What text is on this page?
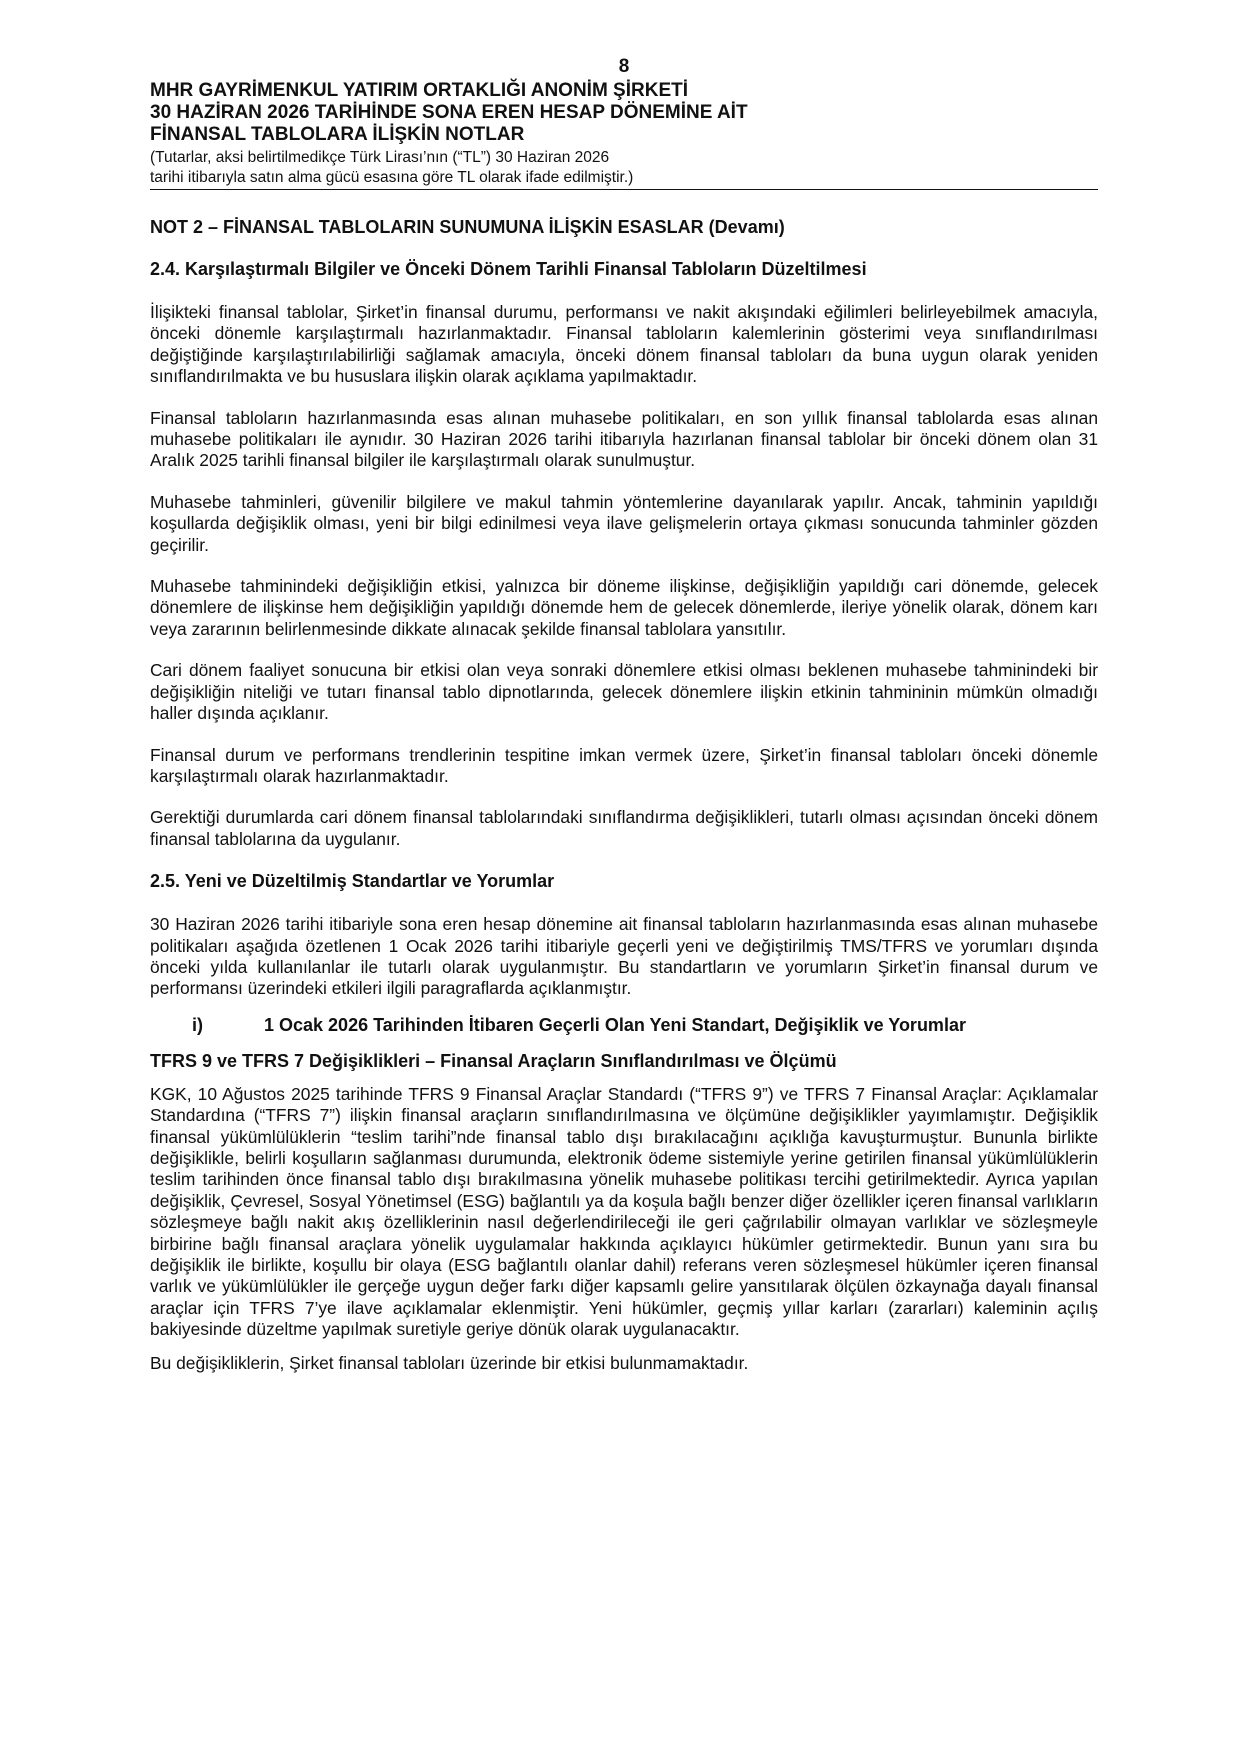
8
MHR GAYRİMENKUL YATIRIM ORTAKLIĞI ANONİM ŞİRKETİ
30 HAZİRAN 2026 TARİHİNDE SONA EREN HESAP DÖNEMİNE AİT
FİNANSAL TABLOLARA İLİŞKİN NOTLAR
(Tutarlar, aksi belirtilmedikçe Türk Lirası’nın (“TL”) 30 Haziran 2026
tarihi itibarıyla satın alma gücü esasına göre TL olarak ifade edilmiştir.)
NOT 2 – FİNANSAL TABLOLARIN SUNUMUNA İLİŞKİN ESASLAR (Devamı)
2.4. Karşılaştırmalı Bilgiler ve Önceki Dönem Tarihli Finansal Tabloların Düzeltilmesi

İlişikteki finansal tablolar, Şirket’in finansal durumu, performansı ve nakit akışındaki eğilimleri belirleyebilmek amacıyla, önceki dönemle karşılaştırmalı hazırlanmaktadır. Finansal tabloların kalemlerinin gösterimi veya sınıflandırılması değiştiğinde karşılaştırılabilirliği sağlamak amacıyla, önceki dönem finansal tabloları da buna uygun olarak yeniden sınıflandırılmakta ve bu hususlara ilişkin olarak açıklama yapılmaktadır.

Finansal tabloların hazırlanmasında esas alınan muhasebe politikaları, en son yıllık finansal tablolarda esas alınan muhasebe politikaları ile aynıdır. 30 Haziran 2026 tarihi itibarıyla hazırlanan finansal tablolar bir önceki dönem olan 31 Aralık 2025 tarihli finansal bilgiler ile karşılaştırmalı olarak sunulmuştur.

Muhasebe tahminleri, güvenilir bilgilere ve makul tahmin yöntemlerine dayanılarak yapılır. Ancak, tahminin yapıldığı koşullarda değişiklik olması, yeni bir bilgi edinilmesi veya ilave gelişmelerin ortaya çıkması sonucunda tahminler gözden geçirilir.

Muhasebe tahminindeki değişikliğin etkisi, yalnızca bir döneme ilişkinse, değişikliğin yapıldığı cari dönemde, gelecek dönemlere de ilişkinse hem değişikliğin yapıldığı dönemde hem de gelecek dönemlerde, ileriye yönelik olarak, dönem karı veya zararının belirlenmesinde dikkate alınacak şekilde finansal tablolara yansıtılır.

Cari dönem faaliyet sonucuna bir etkisi olan veya sonraki dönemlere etkisi olması beklenen muhasebe tahminindeki bir değişikliğin niteliği ve tutarı finansal tablo dipnotlarında, gelecek dönemlere ilişkin etkinin tahmininin mümkün olmadığı haller dışında açıklanır.

Finansal durum ve performans trendlerinin tespitine imkan vermek üzere, Şirket’in finansal tabloları önceki dönemle karşılaştırmalı olarak hazırlanmaktadır.

Gerektiği durumlarda cari dönem finansal tablolarındaki sınıflandırma değişiklikleri, tutarlı olması açısından önceki dönem finansal tablolarına da uygulanır.

2.5. Yeni ve Düzeltilmiş Standartlar ve Yorumlar

30 Haziran 2026 tarihi itibariyle sona eren hesap dönemine ait finansal tabloların hazırlanmasında esas alınan muhasebe politikaları aşağıda özetlenen 1 Ocak 2026 tarihi itibariyle geçerli yeni ve değiştirilmiş TMS/TFRS ve yorumları dışında önceki yılda kullanılanlar ile tutarlı olarak uygulanmıştır. Bu standartların ve yorumların Şirket’in finansal durum ve performansı üzerindeki etkileri ilgili paragraflarda açıklanmıştır.

i)	1 Ocak 2026 Tarihinden İtibaren Geçerli Olan Yeni Standart, Değişiklik ve Yorumlar
TFRS 9 ve TFRS 7 Değişiklikleri – Finansal Araçların Sınıflandırılması ve Ölçümü

KGK, 10 Ağustos 2025 tarihinde TFRS 9 Finansal Araçlar Standardı (“TFRS 9”) ve TFRS 7 Finansal Araçlar: Açıklamalar Standardına (“TFRS 7”) ilişkin finansal araçların sınıflandırılmasına ve ölçümüne değişiklikler yayımlamıştır. Değişiklik finansal yükümlülüklerin “teslim tarihi”nde finansal tablo dışı bırakılacağını açıklığa kavuşturmuştur. Bununla birlikte değişiklikle, belirli koşulların sağlanması durumunda, elektronik ödeme sistemiyle yerine getirilen finansal yükümlülüklerin teslim tarihinden önce finansal tablo dışı bırakılmasına yönelik muhasebe politikası tercihi getirilmektedir. Ayrıca yapılan değişiklik, Çevresel, Sosyal Yönetimsel (ESG) bağlantılı ya da koşula bağlı benzer diğer özellikler içeren finansal varlıkların sözleşmeye bağlı nakit akış özelliklerinin nasıl değerlendirileceği ile geri çağrılabilir olmayan varlıklar ve sözleşmeyle birbirine bağlı finansal araçlara yönelik uygulamalar hakkında açıklayıcı hükümler getirmektedir. Bunun yanı sıra bu değişiklik ile birlikte, koşullu bir olaya (ESG bağlantılı olanlar dahil) referans veren sözleşmesel hükümler içeren finansal varlık ve yükümlülükler ile gerçeğe uygun değer farkı diğer kapsamlı gelire yansıtılarak ölçülen özkaynağa dayalı finansal araçlar için TFRS 7’ye ilave açıklamalar eklenmiştir. Yeni hükümler, geçmiş yıllar karları (zararları) kaleminin açılış bakiyesinde düzeltme yapılmak suretiyle geriye dönük olarak uygulanacaktır.

Bu değişikliklerin, Şirket finansal tabloları üzerinde bir etkisi bulunmamaktadır.
